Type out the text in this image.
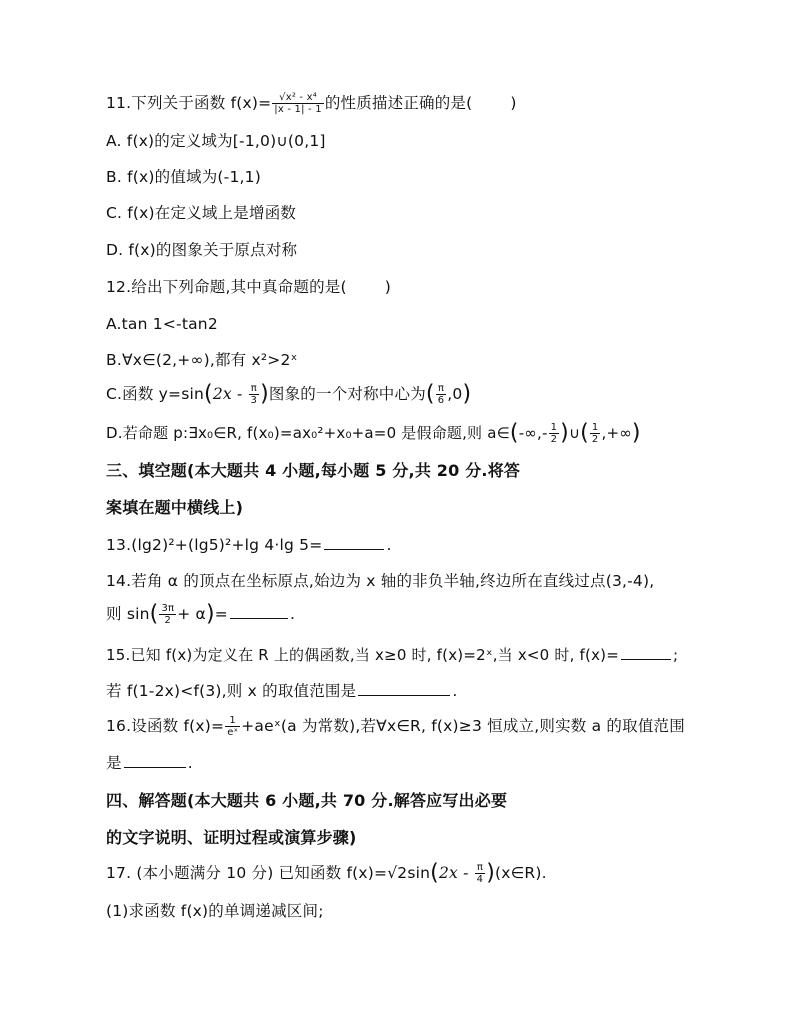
11.下列关于函数 $f(x)= \frac{\text{√x² - x⁴}}{|x - 1| - 1}$ 的性质描述正确的是( )
A. f(x)的定义域为[-1,0)∪(0,1]
B. f(x)的值域为(-1,1)
C. f(x)在定义域上是增函数
D. f(x)的图象关于原点对称
12.给出下列命题,其中真命题的是( )
A.tan 1<-tan2
B.∀x∈(2,+∞),都有 x²>2ˣ
C.函数 $y=\sin(2x - \frac{\pi}{3}$ )图象的一个对称中心为( $\frac{\pi}{6} ,0$)
D.若命题 p:∃x₀∈R, f(x₀)=ax₀²+x₀+a=0 是假命题,则 a∈(-∞,- $\frac{1}{2}$ )∪( $\frac{1}{2}$ ,+∞)
三、填空题(本大题共 4 小题,每小题 5 分,共 20 分.将答
案填在题中横线上)
13.(lg2)²+(lg5)²+lg 4·lg 5=	.
14.若角 α 的顶点在坐标原点,始边为 x 轴的非负半轴,终边所在直线过点(3,-4),
则 $\sin( \frac{3\pi}{2} + \alpha)=$	.
15.已知 f(x)为定义在 R 上的偶函数,当 x≥0 时, f(x)=2ˣ,当 x<0 时, f(x)=	;
若 f(1-2x)<f(3),则 x 的取值范围是	.
16.设函数 $f(x)= \frac{1}{\text{eˣ}}$ +aeˣ(a 为常数),若∀x∈R, f(x)≥3 恒成立,则实数 a 的取值范围
是	.
四、解答题(本大题共 6 小题,共 70 分.解答应写出必要
的文字说明、证明过程或演算步骤)
17. (本小题满分 10 分) 已知函数 $f(x)=√2\sin(2x - \frac{\pi}{4}$ )(x∈R).
(1)求函数 f(x)的单调递减区间;
